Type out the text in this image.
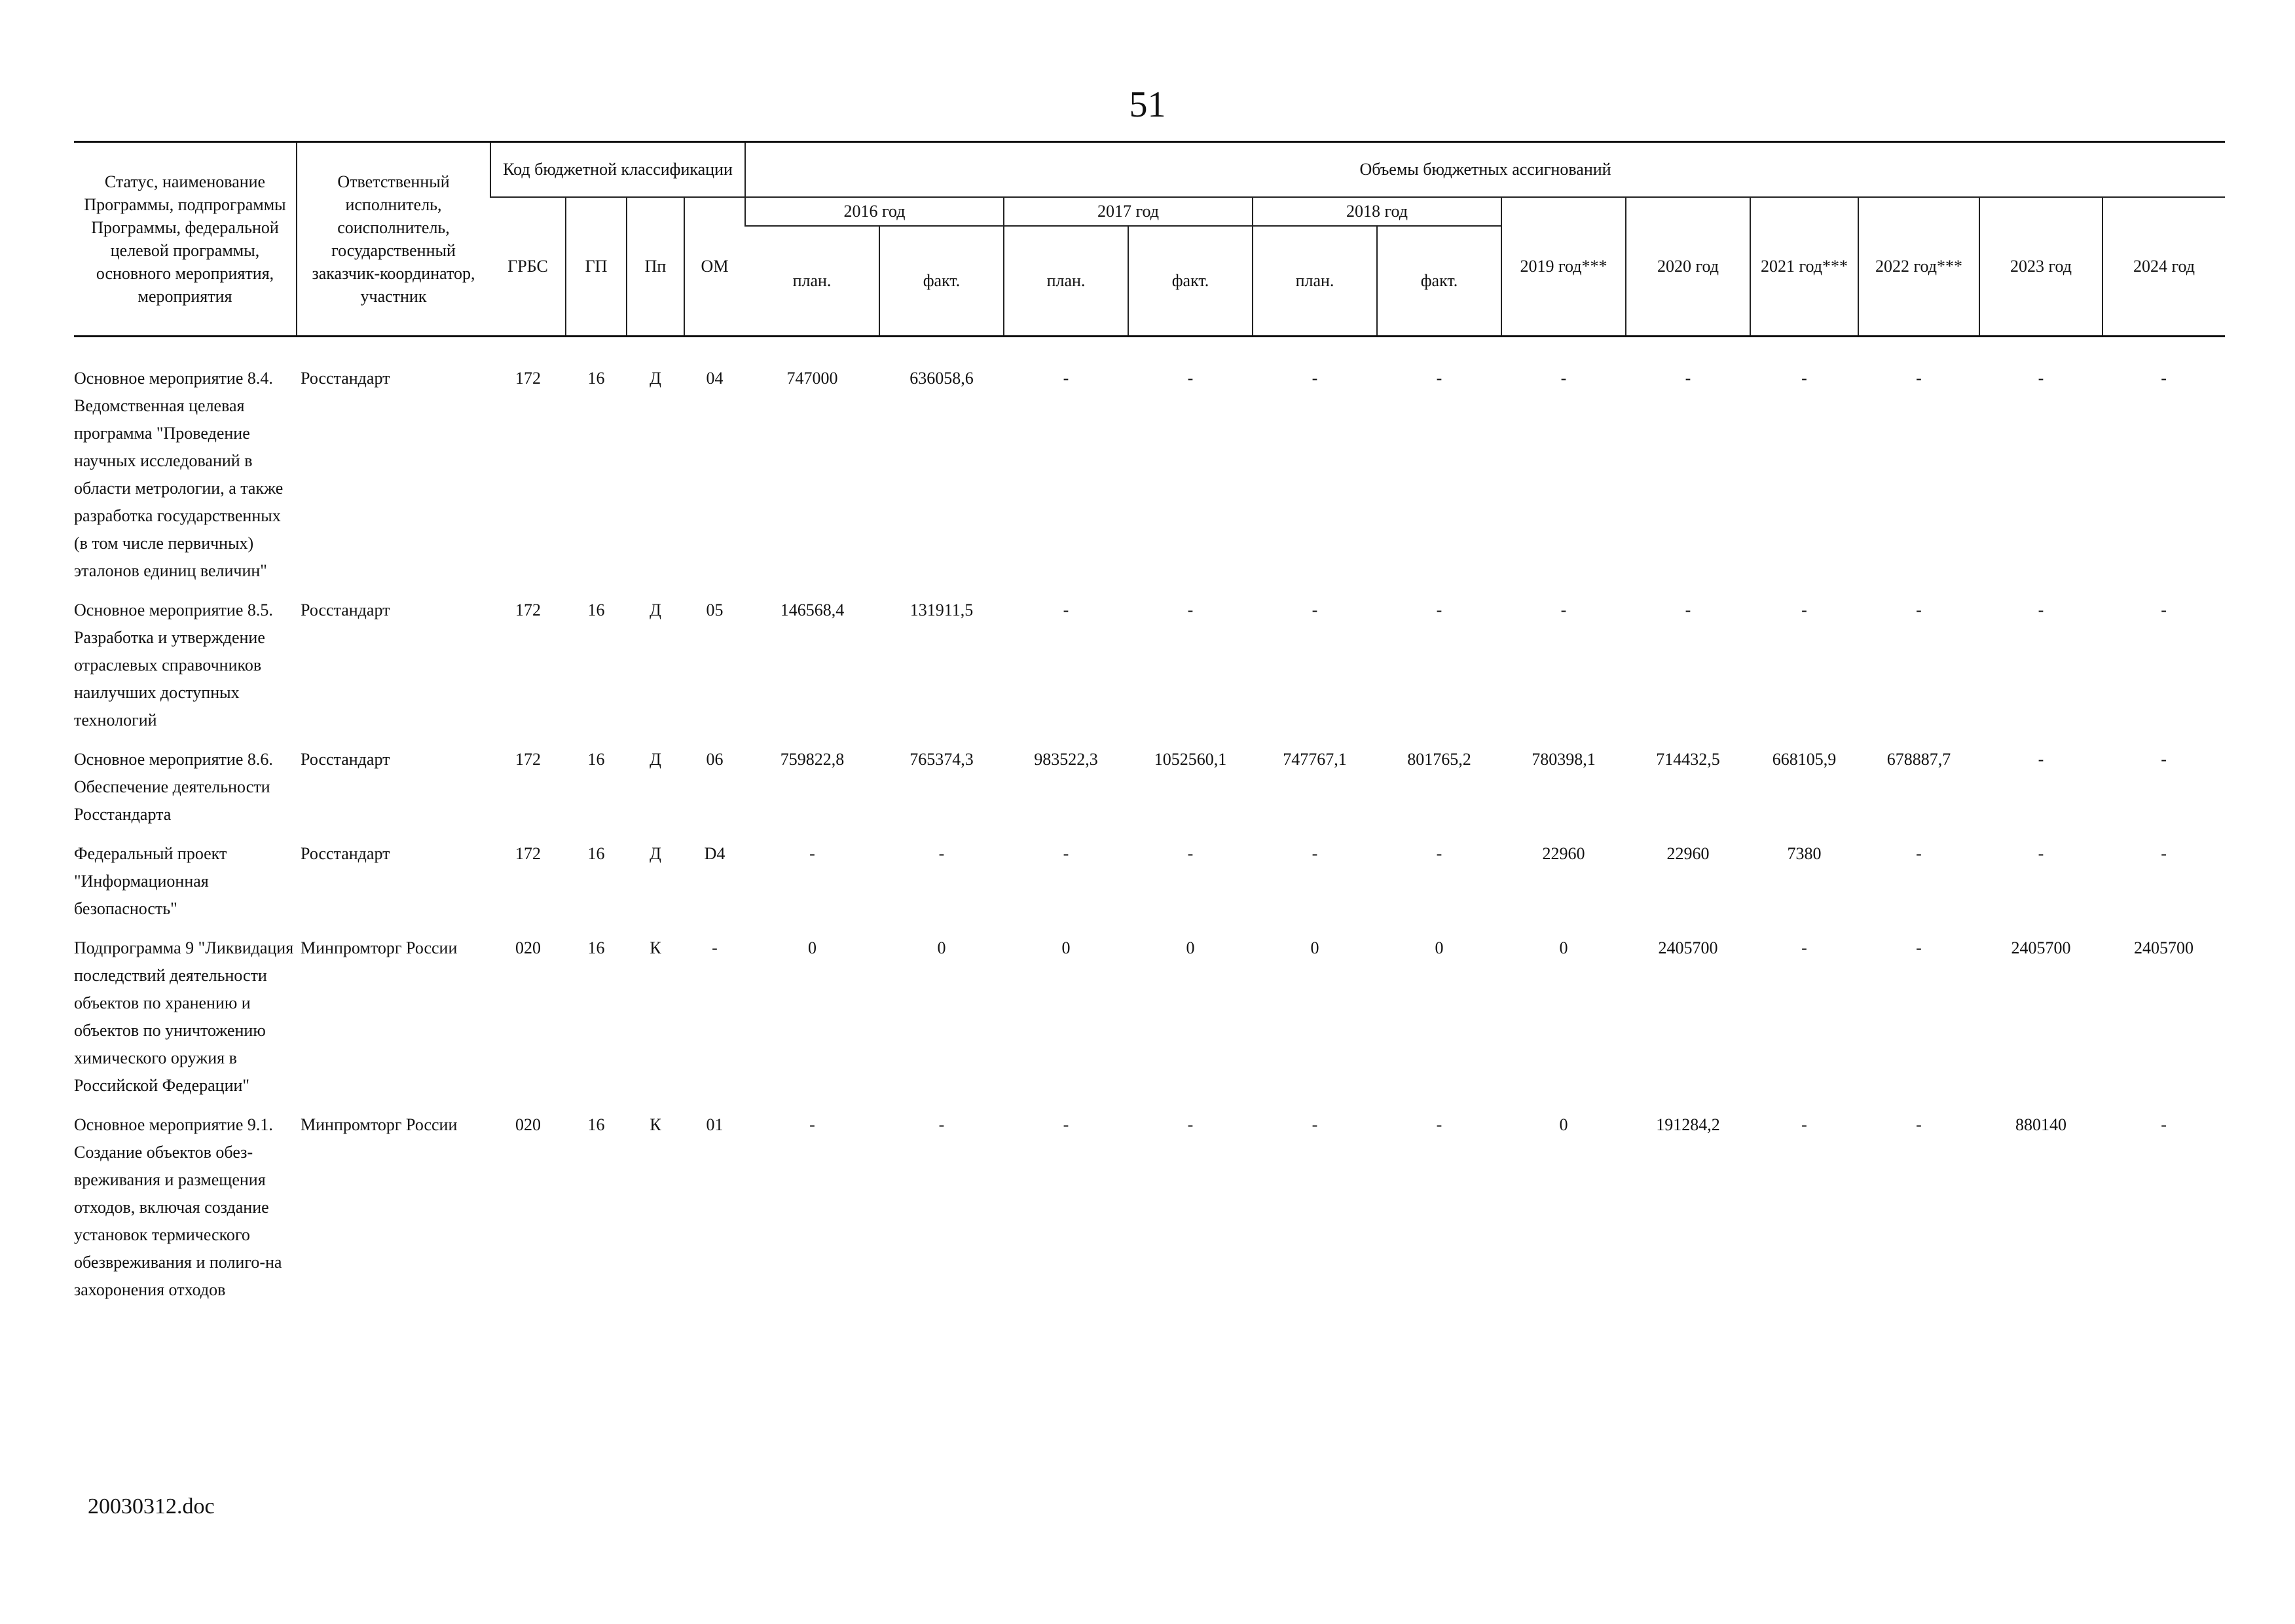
51
Статус, наименование Программы, подпрограммы Программы, федеральной целевой программы, основного мероприятия, мероприятия	Ответственный исполнитель, соисполнитель, государственный заказчик-координатор, участник	Код бюджетной классификации				Объемы бюджетных ассигнований											
		ГРБС	ГП	Пп	ОМ	2016 год		2017 год		2018 год		2019 год***	2020 год	2021 год***	2022 год***	2023 год	2024 год
						план.	факт.	план.	факт.	план.	факт.						
Основное мероприятие 8.4. Ведомственная целевая программа "Проведение научных исследований в области метрологии, а также разработка государственных (в том числе первичных) эталонов единиц величин"	Росстандарт	172	16	Д	04	747000	636058,6	-	-	-	-	-	-	-	-	-	-
Основное мероприятие 8.5. Разработка и утверждение отраслевых справочников наилучших доступных технологий	Росстандарт	172	16	Д	05	146568,4	131911,5	-	-	-	-	-	-	-	-	-	-
Основное мероприятие 8.6. Обеспечение деятельности Росстандарта	Росстандарт	172	16	Д	06	759822,8	765374,3	983522,3	1052560,1	747767,1	801765,2	780398,1	714432,5	668105,9	678887,7	-	-
Федеральный проект "Информационная безопасность"	Росстандарт	172	16	Д	D4	-	-	-	-	-	-	22960	22960	7380	-	-	-
Подпрограмма 9 "Ликвидация последствий деятельности объектов по хранению и объектов по уничтожению химического оружия в Российской Федерации"	Минпромторг России	020	16	К	-	0	0	0	0	0	0	0	2405700	-	-	2405700	2405700
Основное мероприятие 9.1. Создание объектов обез-вреживания и размещения отходов, включая создание установок термического обезвреживания и полиго-на захоронения отходов	Минпромторг России	020	16	К	01	-	-	-	-	-	-	0	191284,2	-	-	880140	-
20030312.doc
